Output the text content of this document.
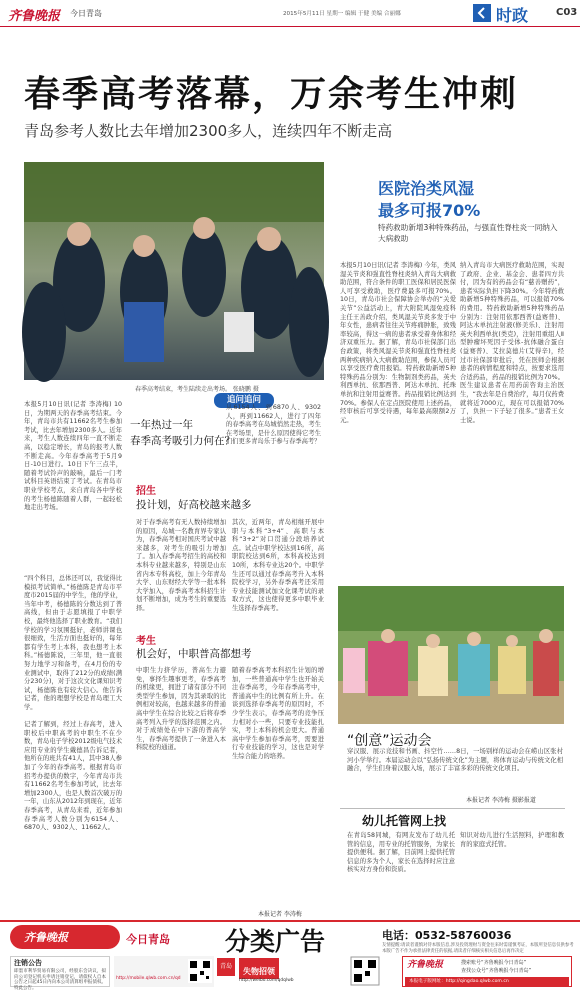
齐鲁晚报 今日青岛	2015年5月11日 星期一 编辑 于健 美编 合丽娜	时政	C03
春季高考落幕，万余考生冲刺
青岛参考人数比去年增加2300多人，连续四年不断走高
春季高考结束，考生陆续走出考场。 张晓鹏 摄
本报5月10日讯(记者 李涛梅) 10日，为期两天的春季高考结束。今年，青岛市共有11662名考生参加考试，比去年增加2300多人。近年来，考生人数连续四年一直不断走高，以稳定增长，青岛的报考人数不断走高。今年春季高考于5月9日-10日进行。10日下午三点半，随着考试铃声的敲响，最后一门考试科目英语结束了考试。在青岛市职业学校考点，来自青岛各中学校的考生杨德陈随着人群，一起轻松地走出考场。
“四个科目，总体还可以，我觉得比模拟考试简单。”杨德陈是青岛市平度市2015届的中学生，他的学业，当年中考，杨德陈的分数达到了普高线，但由于志愿填报了中职学校，最终他选择了职业教育。“我们学校的学习氛围挺好，老师讲课也很细致，生活方面也挺好的，每年都有学生考上本科，我也想考上本科。”杨德陈说，三年里，他一直很努力地学习和备考，在4月份的专业测试中，取得了212分的成绩(满分230分)，对于这次文化课知识考试，杨德陈也有较大信心。他告诉记者，他的理想学校是青岛理工大学。
记者了解到，经过上春高考，进入职校后中职高考的中职生不在少数，青岛电子学校2012级电气技术应用专业的学生戴德昌告诉记者，他所在的班共有41人，其中38人参加了今年的春季高考。根据青岛市招考办提供的数字，今年青岛市共有11662名考生参加考试，比去年增加2300人，也是人数首次破万的一年，山东从2012年到现在，近年春季高考，从青岛来看，近年参加春季高考人数分别为6154人、6870人、9302人、11662人。
追问追问
一年热过一年
春季高考吸引力何在？
从6154人、到6870人、9302人，再到11662人，进行了四年的春季高考在岛城悄然走热，考生在考场里，是什么原因使得它考生们们更多青岛乐于参与春季高考？
招生
投计划，好高校越来越多
对于春季高考有无人数持续增加的原因，岛城一名教育界专家认为，春季高考相对国庆考试中越来越多，对考生的吸引力增加了。加入春季高考招生的高校和本科专业越来越多，特别是山东省内本专科高校，加上今年青岛大学、山东财经大学等一批本科大学加入，春季高考本科招生计划不断增加，成为考生的重要选择。
其次，近两年，青岛相继开展中职与本科“3+4”、高职与本科“3+2”对口贯通分段培养试点。试点中职学校达到16所，高职院校达到6所，本科高校达到10所，本科专业达20个。中职学生还可以通过春季高考升入本科院校学习，另外春季高考还采用专业技能测试加文化课考试的录取方式，这也使得更多中职毕业生选择春季高考。
考生
机会好，中职普高都想考
中职生力挤学历，普高生力避免，事择生趣事更考，春季高考的机缘更，拥进了诸有部分不同类型学生参加，因为其录取的比例相对较高，也越来越多的普通高中学生在综合比较之后将春季高考列入升学的选择范围之内。对于成绩处在中下游的普高学生，春季高考提供了一条进入本科院校的通道。
随着春季高考本科招生计划的增加，一些普通高中学生也开始关注春季高考，今年春季高考中，普通高中生的比例有所上升。在谈到选择春季高考的原因时，不少学生表示，春季高考的竞争压力相对小一些，只要专业技能扎实，考上本科的机会更大。普通高中学生参加春季高考，需要进行专业技能的学习，这也是对学生综合能力的培养。
本报记者 李涛梅
医院治类风湿
最多可报70%
特药救助新增3种特殊药品，与强直性脊柱炎一同纳入大病救助
本报5月10日讯(记者 李涛梅) 今年，类风湿关节炎和强直性脊柱炎纳入青岛大病救助范围，符合条件的职工医保和居民医保人可享受救助，医疗费最多可报70%。10日，青岛市社会保障协会举办的“关爱关节”公益活动上，青大附院风湿免疫科主任王善政介绍，类风湿关节炎多发于中年女性，患病者往往关节疼痛肿胀，致残率较高，得这一病的患者承受着身体和经济双重压力。据了解，青岛市社保部门出台政策，将类风湿关节炎和强直性脊柱炎两种疾病纳入大病救助范围，参保人员可以享受医疗费用报销。特药救助新增5种特殊药品分别为：生物制剂类药品，英夫利西单抗、依那西普、阿达木单抗、托珠单抗和注射用益赛普。药品报销比例达到70%。参保人在定点医院使用上述药品，经审核后可享受待遇，每年最高限额2万元。
纳入青岛市大病医疗救助范围，实现了政府、企业、基金会、患者四方共付，因为有的药品会有“慈善赠药”，患者实际负担下降30%。今年特药救助新增5种特殊药品，可以报销70%的费用。特药救助新增5种特殊药品分别为：注射用依那西普(益赛普)、阿达木单抗注射液(修美乐)、注射用英夫利西单抗(类克)，注射用重组人Ⅱ型肿瘤坏死因子受体-抗体融合蛋白(益赛普)、艾拉莫德片(艾得辛)，经过市社保部审批后，凭在医师会根据患者的病情程度和特点，按要求选用合适药品，药品的报销比例为70%。医生建议患者在用药前咨询主治医生，“我去年是自费治疗，每月仅药费就将近7000元，现在可以报销70%了，负担一下子轻了很多。”患者王女士说。
“创意”运动会
穿汉服、展示竞技和书画、抖空竹……8日，一场别样的运动会在崂山区张村河小学举行。本届运动会以“弘扬传统文化”为主题，将体育运动与传统文化相融合，学生们身着汉服入场，展示了丰富多彩的传统文化项目。
本报记者 李涛梅 摄影报道
幼儿托管网上找
在青岛58同城，有网友发布了幼儿托管的信息，用专业的托管服务，为家长提供便利。据了解，目前网上提供托管信息的多为个人，家长在选择时应注意核实对方身份和资质。
知识对幼儿进行生活照料，护理和教育的家庭式托管。
齐鲁晚报	今日青岛 分类广告	电话：0532-58760036
友情提醒:请读者谨慎对待本版信息,涉及投资理财与资金往来时需谨慎考证，本版所登信息仅供参考
本版广告不作为承担法律责任的依据,请读者仔细核实相关信息后再作决定
注销公告
即墨市利华贸易有限公司，经股东会决议，拟向公司登记机关申请注销登记，请债权人自本公告之日起45日内向本公司清算组申报债权。特此公告。
http://mobile.qlwb.com.cn/qd
青岛
失物招领
http://weibo.com/qdqlwb
齐鲁晚报	搜索账号“齐鲁晚报今日青岛”
查找公众号“齐鲁晚报今日青岛”
本报电子版网址：http://qingdao.qlwb.com.cn
